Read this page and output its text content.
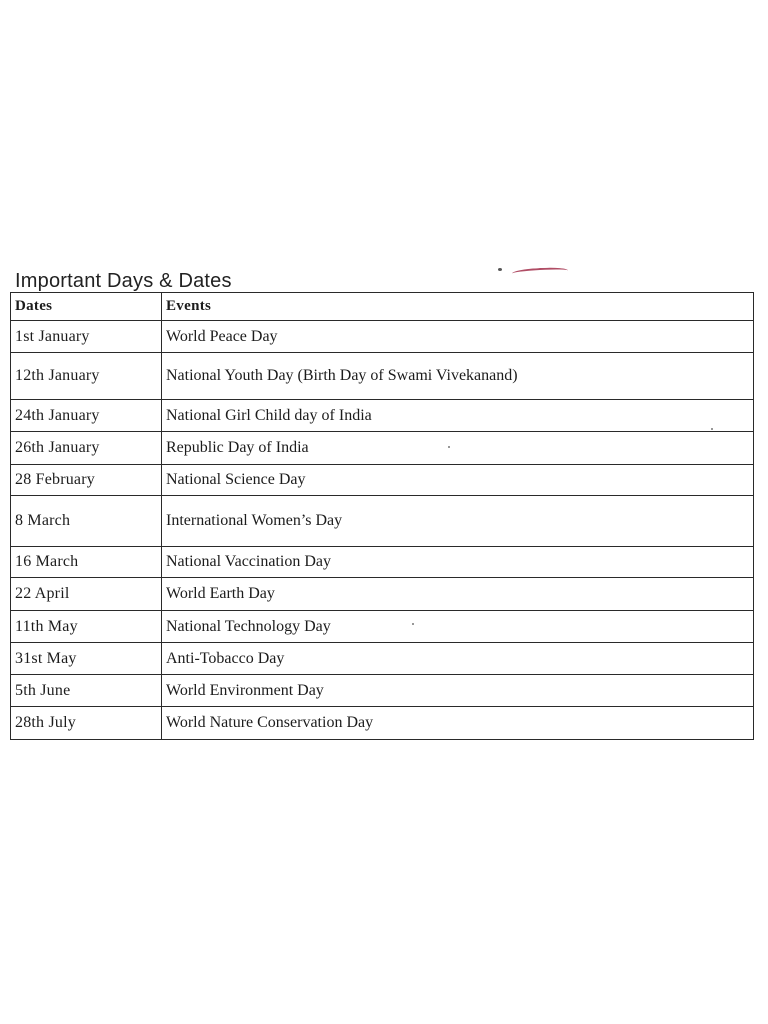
Important Days & Dates
Dates	Events
1st January	World Peace Day
12th January	National Youth Day (Birth Day of Swami Vivekanand)
24th January	National Girl Child day of India
26th January	Republic Day of India
28 February	National Science Day
8 March	International Women’s Day
16 March	National Vaccination Day
22 April	World Earth Day
11th May	National Technology Day
31st May	Anti-Tobacco Day
5th June	World Environment Day
28th July	World Nature Conservation Day
